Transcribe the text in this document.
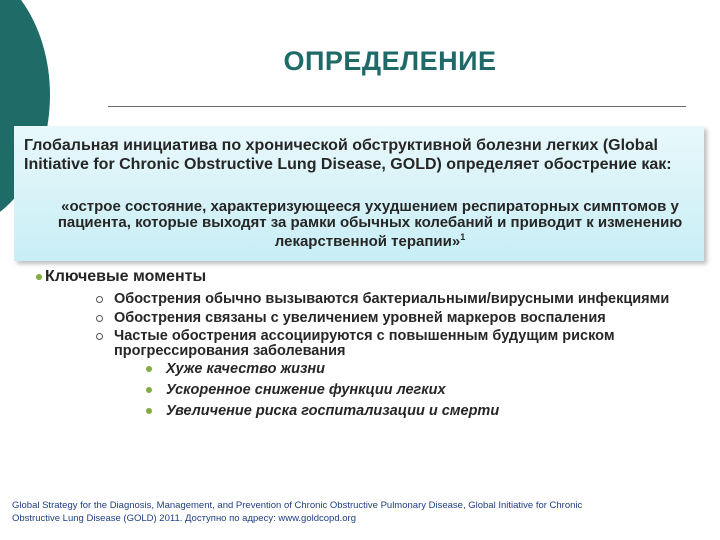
ОПРЕДЕЛЕНИЕ
Глобальная инициатива по хронической обструктивной болезни легких (Global Initiative for Chronic Obstructive Lung Disease, GOLD) определяет обострение как:
«острое состояние, характеризующееся ухудшением респираторных симптомов у пациента, которые выходят за рамки обычных колебаний и приводит к изменению лекарственной терапии»$^1$
Ключевые моменты
Обострения обычно вызываются бактериальными/вирусными инфекциями
Обострения связаны с увеличением уровней маркеров воспаления
Частые обострения ассоциируются с повышенным будущим риском прогрессирования заболевания
Хуже качество жизни
Ускоренное снижение функции легких
Увеличение риска госпитализации и смерти
Global Strategy for the Diagnosis, Management, and Prevention of Chronic Obstructive Pulmonary Disease, Global Initiative for Chronic
Obstructive Lung Disease (GOLD) 2011. Доступно по адресу: www.goldcopd.org
